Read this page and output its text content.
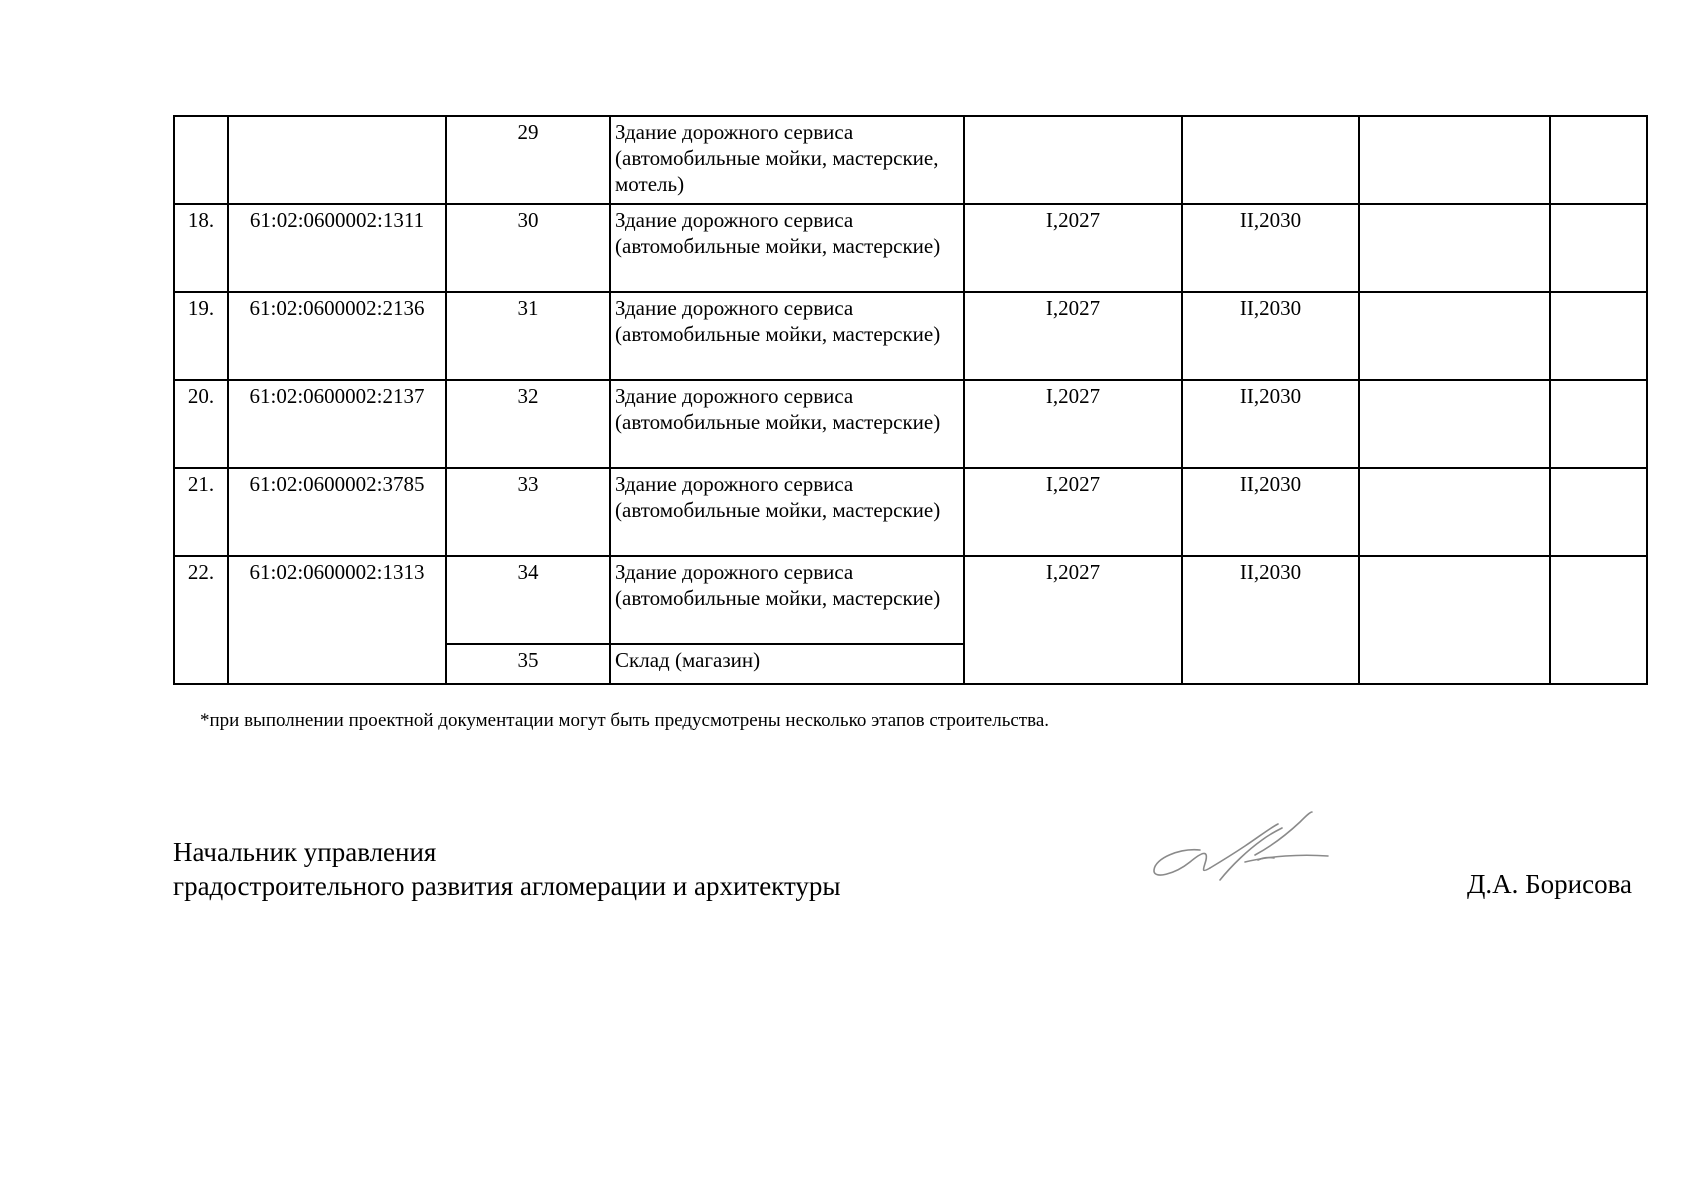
		29	Здание дорожного сервиса (автомобильные мойки, мастерские, мотель)				
18.	61:02:0600002:1311	30	Здание дорожного сервиса (автомобильные мойки, мастерские)	I,2027	II,2030		
19.	61:02:0600002:2136	31	Здание дорожного сервиса (автомобильные мойки, мастерские)	I,2027	II,2030		
20.	61:02:0600002:2137	32	Здание дорожного сервиса (автомобильные мойки, мастерские)	I,2027	II,2030		
21.	61:02:0600002:3785	33	Здание дорожного сервиса (автомобильные мойки, мастерские)	I,2027	II,2030		
22.	61:02:0600002:1313	34	Здание дорожного сервиса (автомобильные мойки, мастерские)	I,2027	II,2030		
		35	Склад (магазин)				
*при выполнении проектной документации могут быть предусмотрены несколько этапов строительства.
Начальник управления
градостроительного развития агломерации и архитектуры	Д.А. Борисова
